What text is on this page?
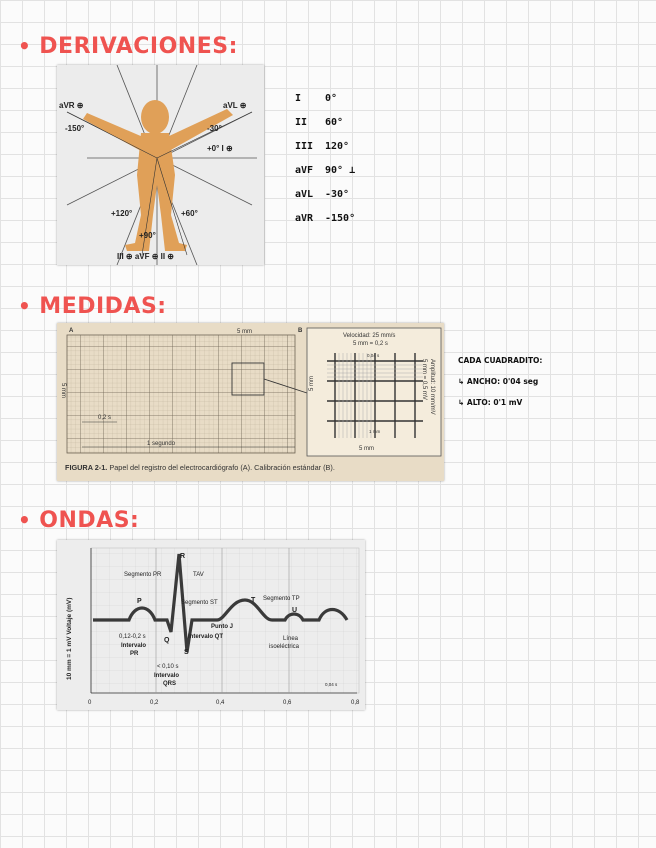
• DERIVACIONES:
aVR ⊕	aVL ⊕
-150°	-30°
+0° I ⊕
+120°	+60°
+90°
III ⊕ aVF ⊕ II ⊕
I	0°
II	60°
III	120°
aVF	90° ⊥
aVL	-30°
aVR	-150°
• MEDIDAS:
A	B
5 mm
5 mm
0,2 s
1 segundo
Velocidad: 25 mm/s
5 mm = 0,2 s
Amplitud: 10 mm/mV
5 mm = 0,5 mV
0,04 s
1 mm
5 mm
5 mm
FIGURA 2-1. Papel del registro del electrocardiógrafo (A). Calibración estándar (B).
CADA CUADRADITO:
↳ ANCHO: 0'04 seg
↳ ALTO: 0'1 mV
• ONDAS:
10 mm = 1 mV Voltaje (mV)
R
P
Q
S
T
U
Segmento PR	TAV
Segmento ST
Segmento TP
Punto J
Intervalo QT
0,12-0,2 s
Intervalo
PR
< 0,10 s
Intervalo
QRS
Línea
isoeléctrica
0,04 s
0	0,2	0,4	0,6	0,8
